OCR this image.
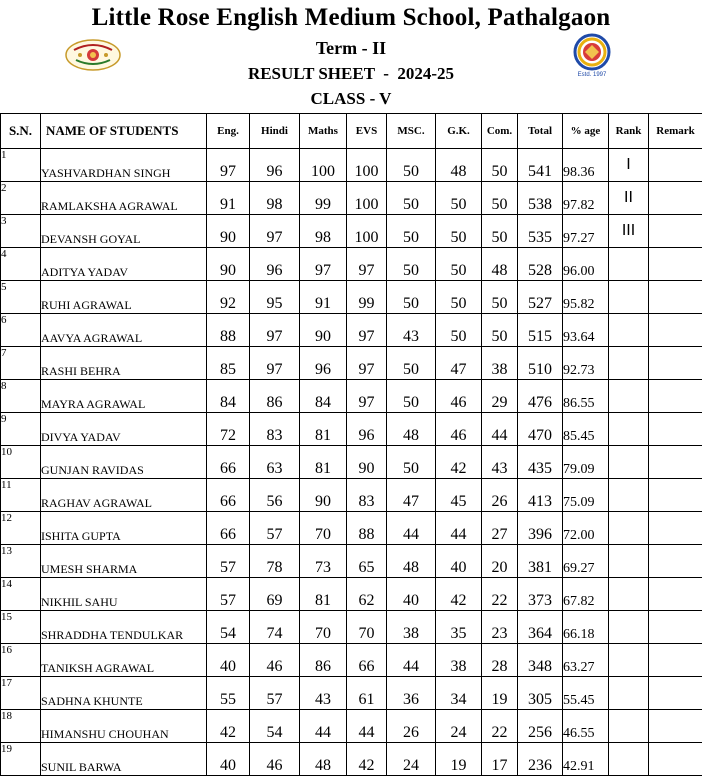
Little Rose English Medium School, Pathalgaon
Term - II
Estd. 1997
RESULT SHEET  -  2024-25
CLASS - V
S.N.	NAME OF STUDENTS	Eng.	Hindi	Maths	EVS	MSC.	G.K.	Com.	Total	% age	Rank	Remark
1	YASHVARDHAN SINGH	97	96	100	100	50	48	50	541	98.36	I	
2	RAMLAKSHA AGRAWAL	91	98	99	100	50	50	50	538	97.82	II	
3	DEVANSH GOYAL	90	97	98	100	50	50	50	535	97.27	III	
4	ADITYA YADAV	90	96	97	97	50	50	48	528	96.00		
5	RUHI AGRAWAL	92	95	91	99	50	50	50	527	95.82		
6	AAVYA AGRAWAL	88	97	90	97	43	50	50	515	93.64		
7	RASHI BEHRA	85	97	96	97	50	47	38	510	92.73		
8	MAYRA AGRAWAL	84	86	84	97	50	46	29	476	86.55		
9	DIVYA YADAV	72	83	81	96	48	46	44	470	85.45		
10	GUNJAN RAVIDAS	66	63	81	90	50	42	43	435	79.09		
11	RAGHAV AGRAWAL	66	56	90	83	47	45	26	413	75.09		
12	ISHITA GUPTA	66	57	70	88	44	44	27	396	72.00		
13	UMESH SHARMA	57	78	73	65	48	40	20	381	69.27		
14	NIKHIL SAHU	57	69	81	62	40	42	22	373	67.82		
15	SHRADDHA TENDULKAR	54	74	70	70	38	35	23	364	66.18		
16	TANIKSH AGRAWAL	40	46	86	66	44	38	28	348	63.27		
17	SADHNA KHUNTE	55	57	43	61	36	34	19	305	55.45		
18	HIMANSHU CHOUHAN	42	54	44	44	26	24	22	256	46.55		
19	SUNIL BARWA	40	46	48	42	24	19	17	236	42.91		
